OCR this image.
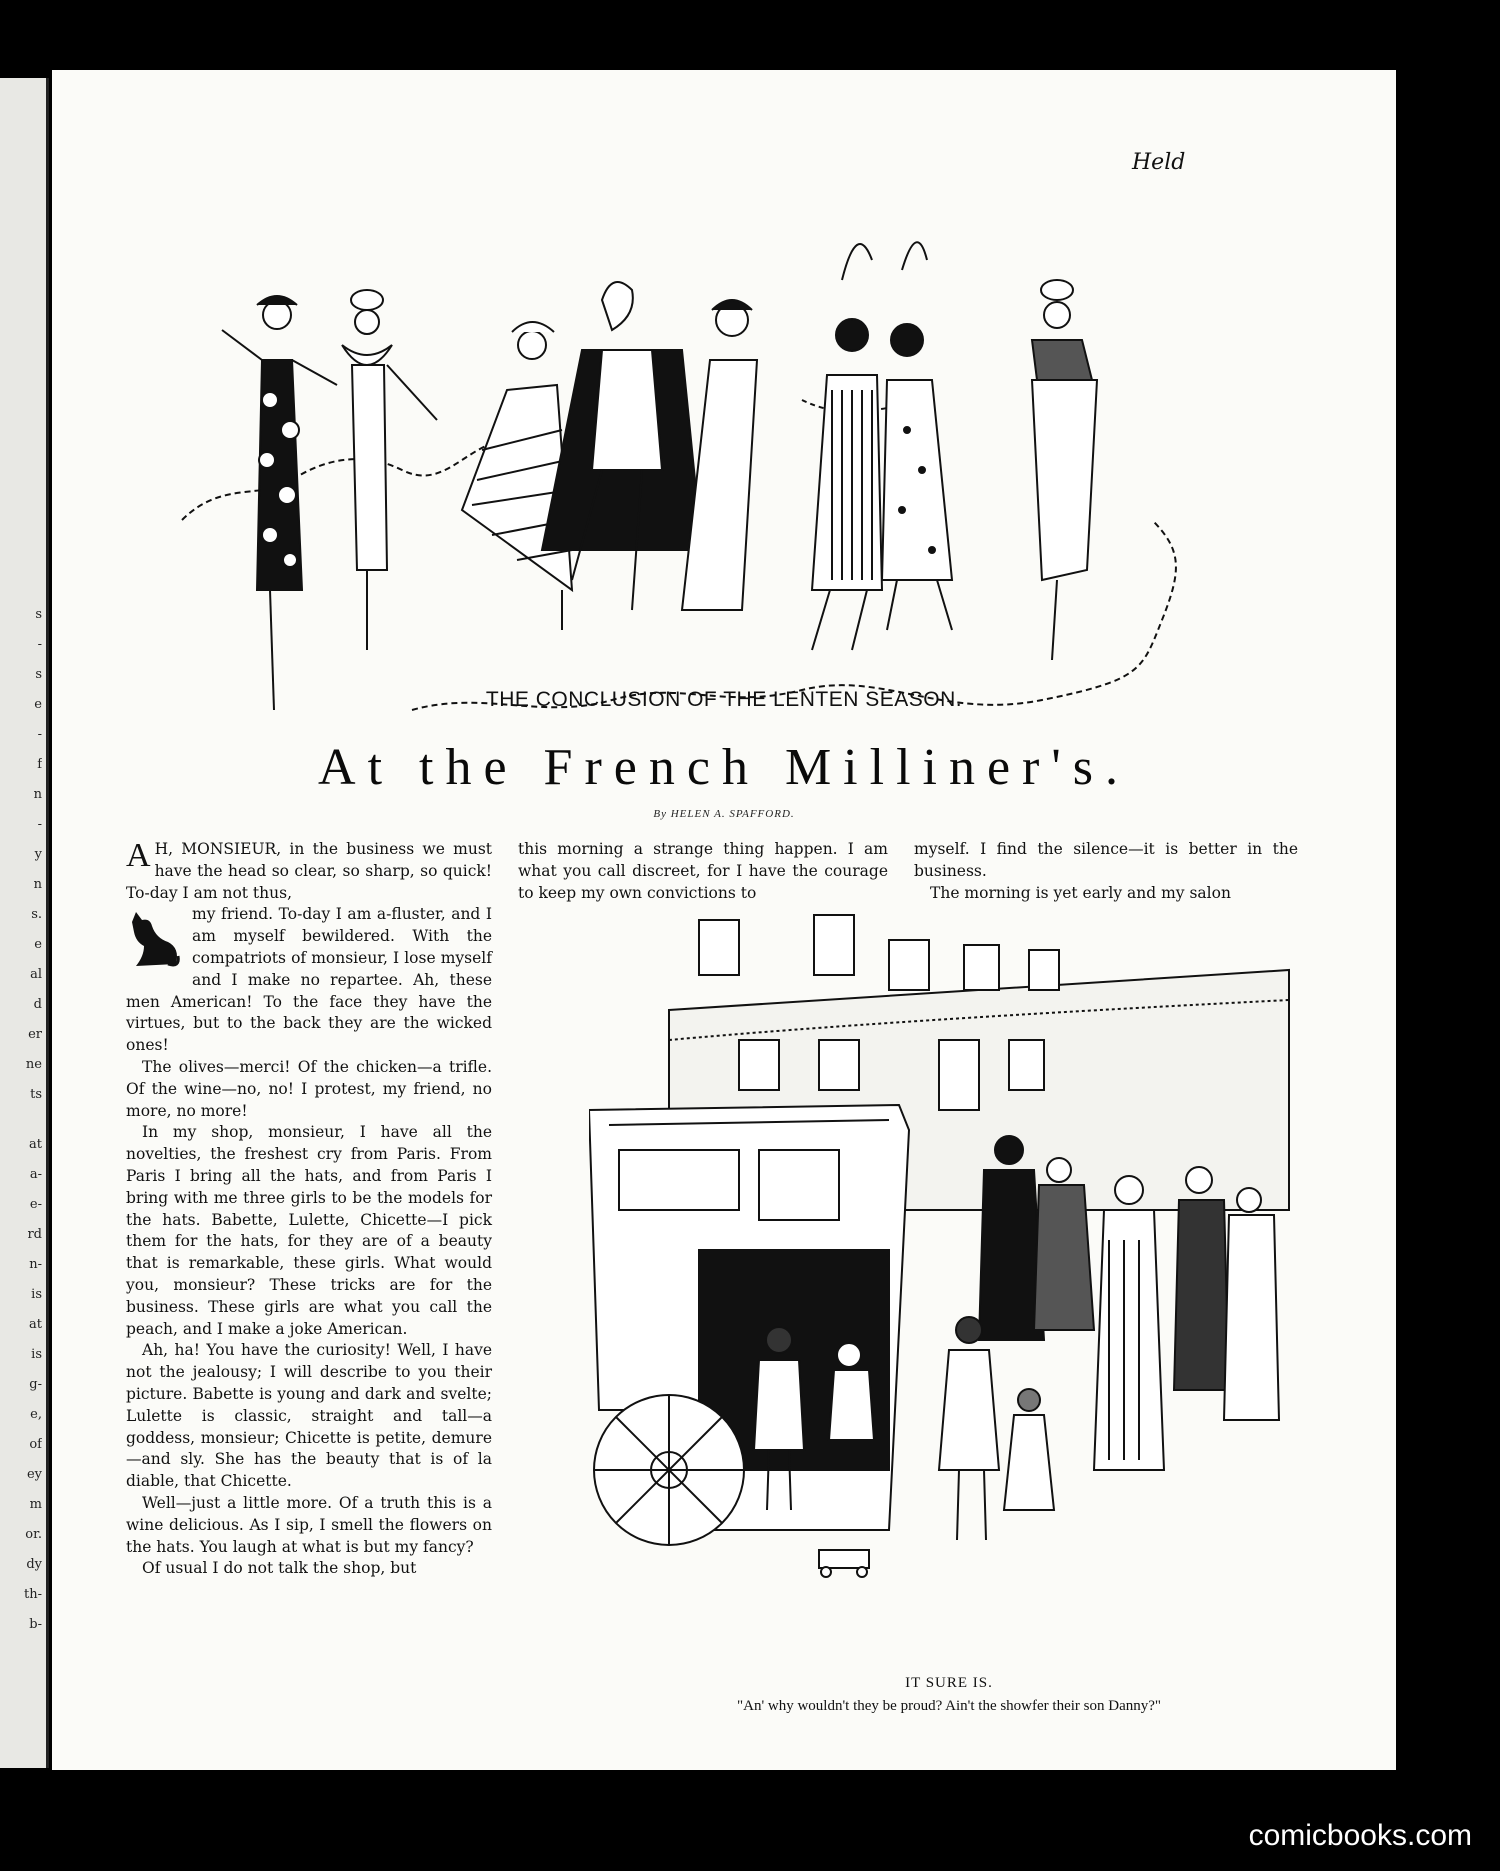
s
-
s
e
-
f
n
-
y
n
s.
e
al
d
er
ne
ts
at
a-
e-
rd
n-
is
at
is
g-
e,
of
ey
m
or.
dy
th-
b-
Held
THE CONCLUSION OF THE LENTEN SEASON.
At the French Milliner's.
By HELEN A. SPAFFORD.

A H, MONSIEUR, in the business we must have the head so clear, so sharp, so quick! To-day I am not thus,

my friend. To-day I am a-fluster, and I am myself bewildered. With the compatriots of monsieur, I lose myself and I make no repartee. Ah, these men American! To the face they have the virtues, but to the back they are the wicked ones!

The olives—merci! Of the chicken—a trifle. Of the wine—no, no! I protest, my friend, no more, no more!

In my shop, monsieur, I have all the novelties, the freshest cry from Paris. From Paris I bring all the hats, and from Paris I bring with me three girls to be the models for the hats. Babette, Lulette, Chicette—I pick them for the hats, for they are of a beauty that is remarkable, these girls. What would you, monsieur? These tricks are for the business. These girls are what you call the peach, and I make a joke American.

Ah, ha! You have the curiosity! Well, I have not the jealousy; I will describe to you their picture. Babette is young and dark and svelte; Lulette is classic, straight and tall—a goddess, monsieur; Chicette is petite, demure—and sly. She has the beauty that is of la diable, that Chicette.

Well—just a little more. Of a truth this is a wine delicious. As I sip, I smell the flowers on the hats. You laugh at what is but my fancy?

Of usual I do not talk the shop, but

this morning a strange thing happen. I am what you call discreet, for I have the courage to keep my own convictions to

myself. I find the silence—it is better in the business.

The morning is yet early and my salon

IT SURE IS.
"An' why wouldn't they be proud? Ain't the showfer their son Danny?"
comicbooks.com
